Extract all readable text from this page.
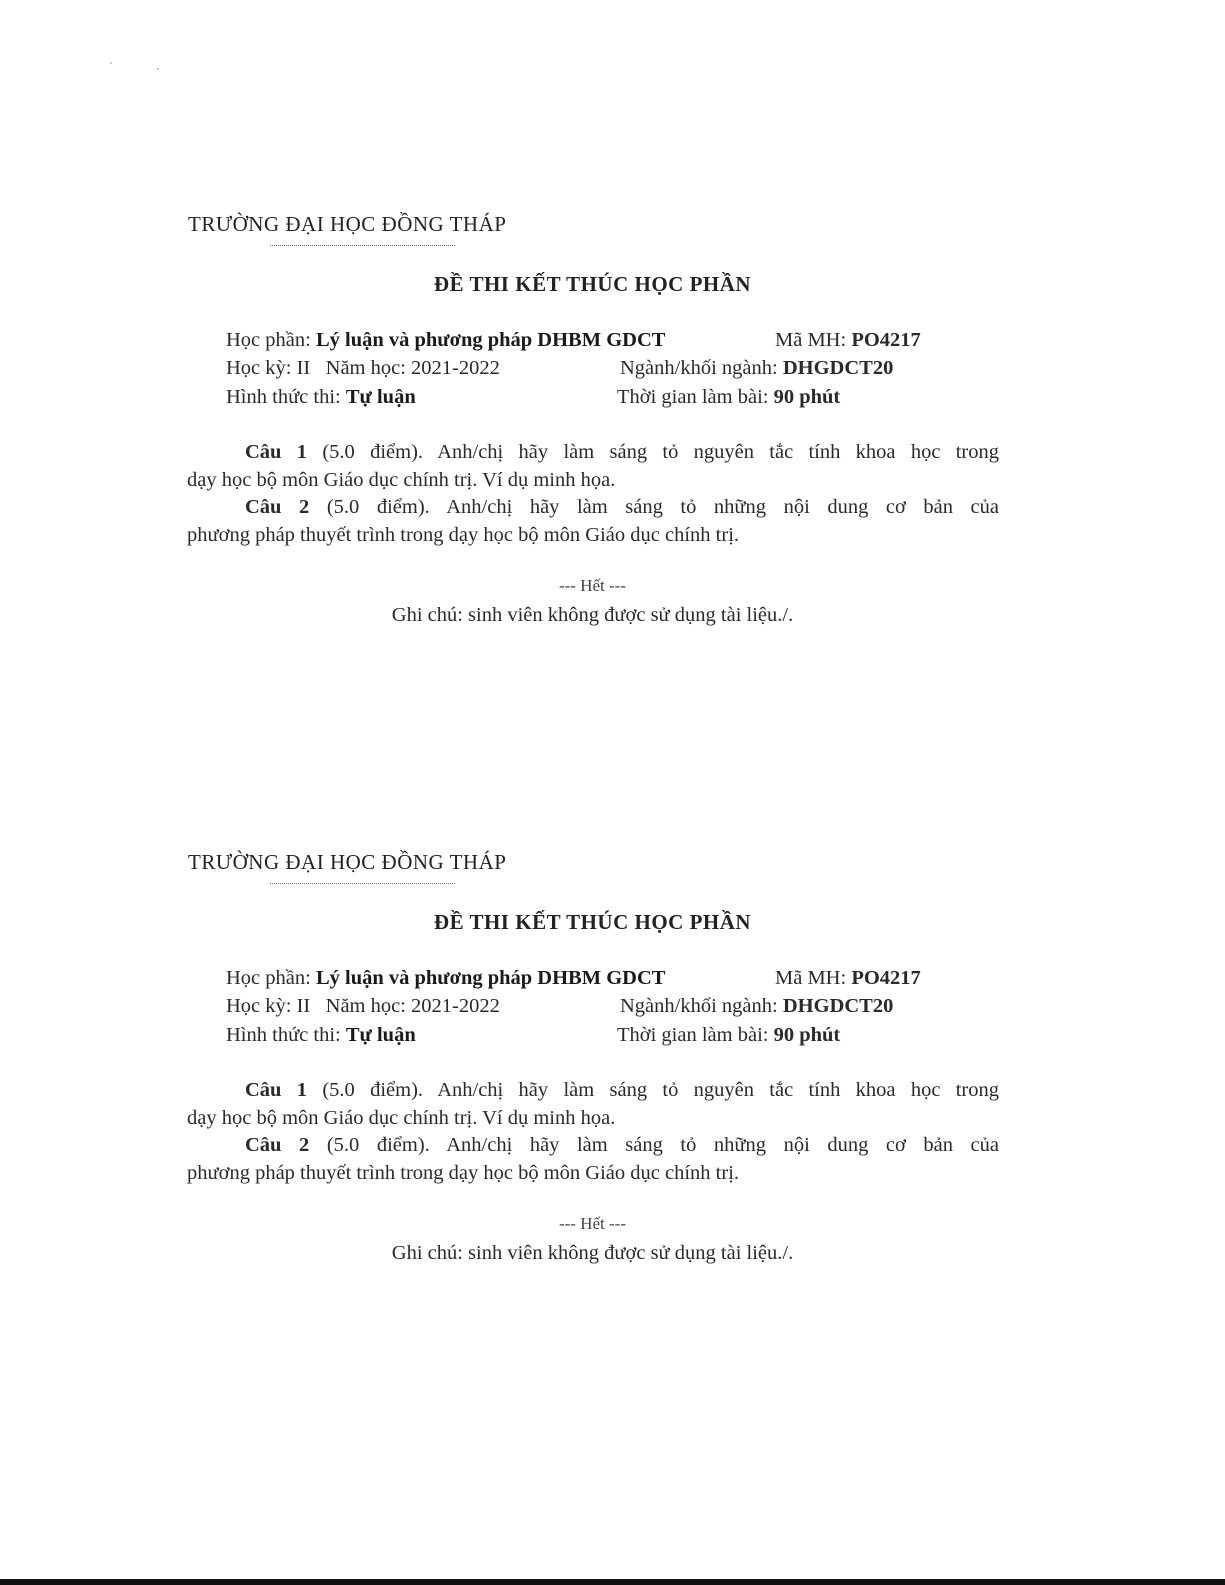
TRƯỜNG ĐẠI HỌC ĐỒNG THÁP
ĐỀ THI KẾT THÚC HỌC PHẦN
Học phần: Lý luận và phương pháp DHBM GDCT	Mã MH: PO4217
Học kỳ: II Năm học: 2021-2022	Ngành/khối ngành: DHGDCT20
Hình thức thi: Tự luận	Thời gian làm bài: 90 phút
Câu 1 (5.0 điểm). Anh/chị hãy làm sáng tỏ nguyên tắc tính khoa học trong
dạy học bộ môn Giáo dục chính trị. Ví dụ minh họa.
Câu 2 (5.0 điểm). Anh/chị hãy làm sáng tỏ những nội dung cơ bản của
phương pháp thuyết trình trong dạy học bộ môn Giáo dục chính trị.
--- Hết ---
Ghi chú: sinh viên không được sử dụng tài liệu./.
TRƯỜNG ĐẠI HỌC ĐỒNG THÁP
ĐỀ THI KẾT THÚC HỌC PHẦN
Học phần: Lý luận và phương pháp DHBM GDCT	Mã MH: PO4217
Học kỳ: II Năm học: 2021-2022	Ngành/khối ngành: DHGDCT20
Hình thức thi: Tự luận	Thời gian làm bài: 90 phút
Câu 1 (5.0 điểm). Anh/chị hãy làm sáng tỏ nguyên tắc tính khoa học trong
dạy học bộ môn Giáo dục chính trị. Ví dụ minh họa.
Câu 2 (5.0 điểm). Anh/chị hãy làm sáng tỏ những nội dung cơ bản của
phương pháp thuyết trình trong dạy học bộ môn Giáo dục chính trị.
--- Hết ---
Ghi chú: sinh viên không được sử dụng tài liệu./.
